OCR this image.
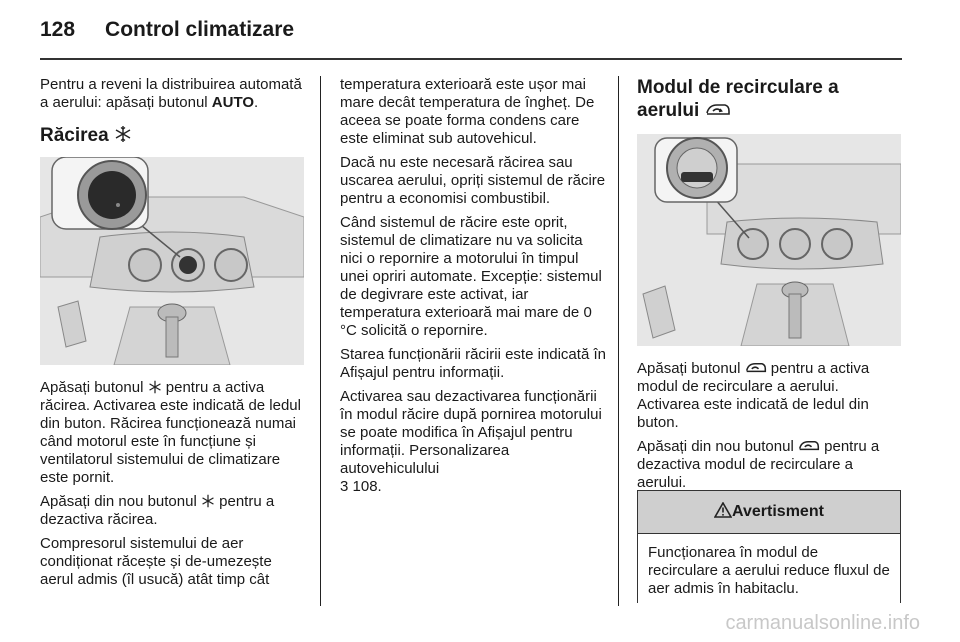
128 Control climatizare
Pentru a reveni la distribuirea automată a aerului: apăsați butonul AUTO.
Răcirea
Apăsați butonul pentru a activa răcirea. Activarea este indicată de ledul din buton. Răcirea funcționează numai când motorul este în funcțiune și ventilatorul sistemului de climatizare este pornit.
Apăsați din nou butonul pentru a dezactiva răcirea.
Compresorul sistemului de aer condiționat răcește și de-umezește aerul admis (îl usucă) atât timp cât
temperatura exterioară este ușor mai mare decât temperatura de îngheț. De aceea se poate forma condens care este eliminat sub autovehicul.
Dacă nu este necesară răcirea sau uscarea aerului, opriți sistemul de răcire pentru a economisi combustibil.
Când sistemul de răcire este oprit, sistemul de climatizare nu va solicita nici o repornire a motorului în timpul unei opriri automate. Excepție: sistemul de degivrare este activat, iar temperatura exterioară mai mare de 0 °C solicită o repornire.
Starea funcționării răcirii este indicată în Afișajul pentru informații.
Activarea sau dezactivarea funcționării în modul răcire după pornirea motorului se poate modifica în Afișajul pentru informații. Personalizarea autovehiculului
3 108.
Modul de recirculare a aerului
Apăsați butonul pentru a activa modul de recirculare a aerului. Activarea este indicată de ledul din buton.
Apăsați din nou butonul pentru a dezactiva modul de recirculare a aerului.
Avertisment
Funcționarea în modul de recirculare a aerului reduce fluxul de aer admis în habitaclu.
carmanualsonline.info
